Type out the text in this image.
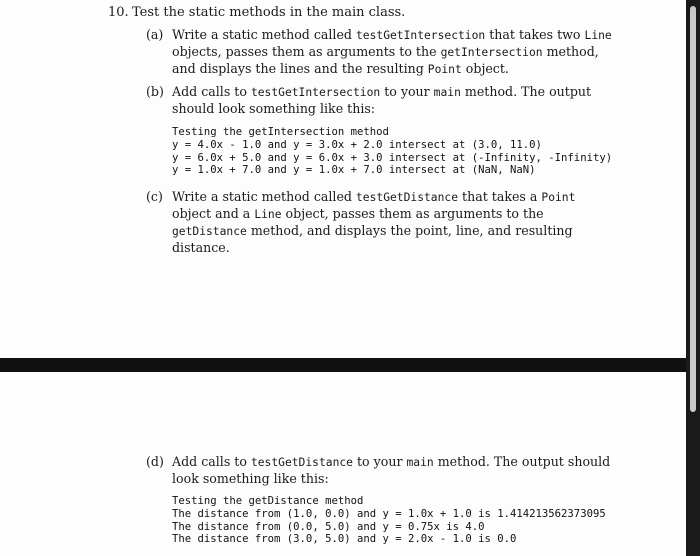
10. Test the static methods in the main class.
(a) Write a static method called testGetIntersection that takes two Line objects, passes them as arguments to the getIntersection method, and displays the lines and the resulting Point object.
(b) Add calls to testGetIntersection to your main method. The output should look something like this:
Testing the getIntersection method
y = 4.0x - 1.0 and y = 3.0x + 2.0 intersect at (3.0, 11.0)
y = 6.0x + 5.0 and y = 6.0x + 3.0 intersect at (-Infinity, -Infinity)
y = 1.0x + 7.0 and y = 1.0x + 7.0 intersect at (NaN, NaN)
(c) Write a static method called testGetDistance that takes a Point object and a Line object, passes them as arguments to the getDistance method, and displays the point, line, and resulting distance.
(d) Add calls to testGetDistance to your main method. The output should look something like this:
Testing the getDistance method
The distance from (1.0, 0.0) and y = 1.0x + 1.0 is 1.414213562373095
The distance from (0.0, 5.0) and y = 0.75x is 4.0
The distance from (3.0, 5.0) and y = 2.0x - 1.0 is 0.0
